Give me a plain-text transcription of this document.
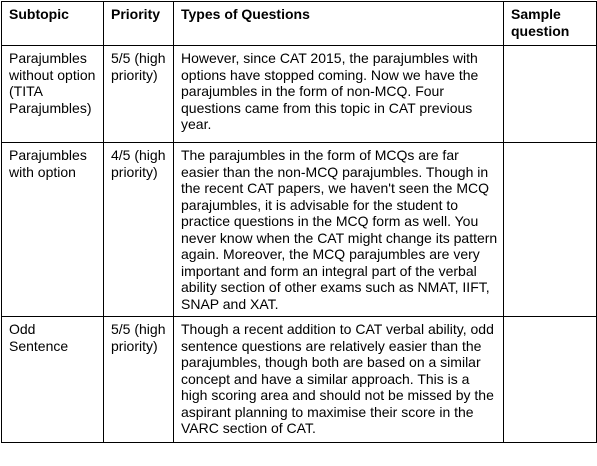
Subtopic	Priority	Types of Questions	Sample question
Parajumbles without option (TITA Parajumbles)	5/5 (high priority)	However, since CAT 2015, the parajumbles with options have stopped coming. Now we have the parajumbles in the form of non-MCQ. Four questions came from this topic in CAT previous year.	
Parajumbles with option	4/5 (high priority)	The parajumbles in the form of MCQs are far easier than the non-MCQ parajumbles. Though in the recent CAT papers, we haven't seen the MCQ parajumbles, it is advisable for the student to practice questions in the MCQ form as well. You never know when the CAT might change its pattern again. Moreover, the MCQ parajumbles are very important and form an integral part of the verbal ability section of other exams such as NMAT, IIFT, SNAP and XAT.	
Odd Sentence	5/5 (high priority)	Though a recent addition to CAT verbal ability, odd sentence questions are relatively easier than the parajumbles, though both are based on a similar concept and have a similar approach. This is a high scoring area and should not be missed by the aspirant planning to maximise their score in the VARC section of CAT.	
